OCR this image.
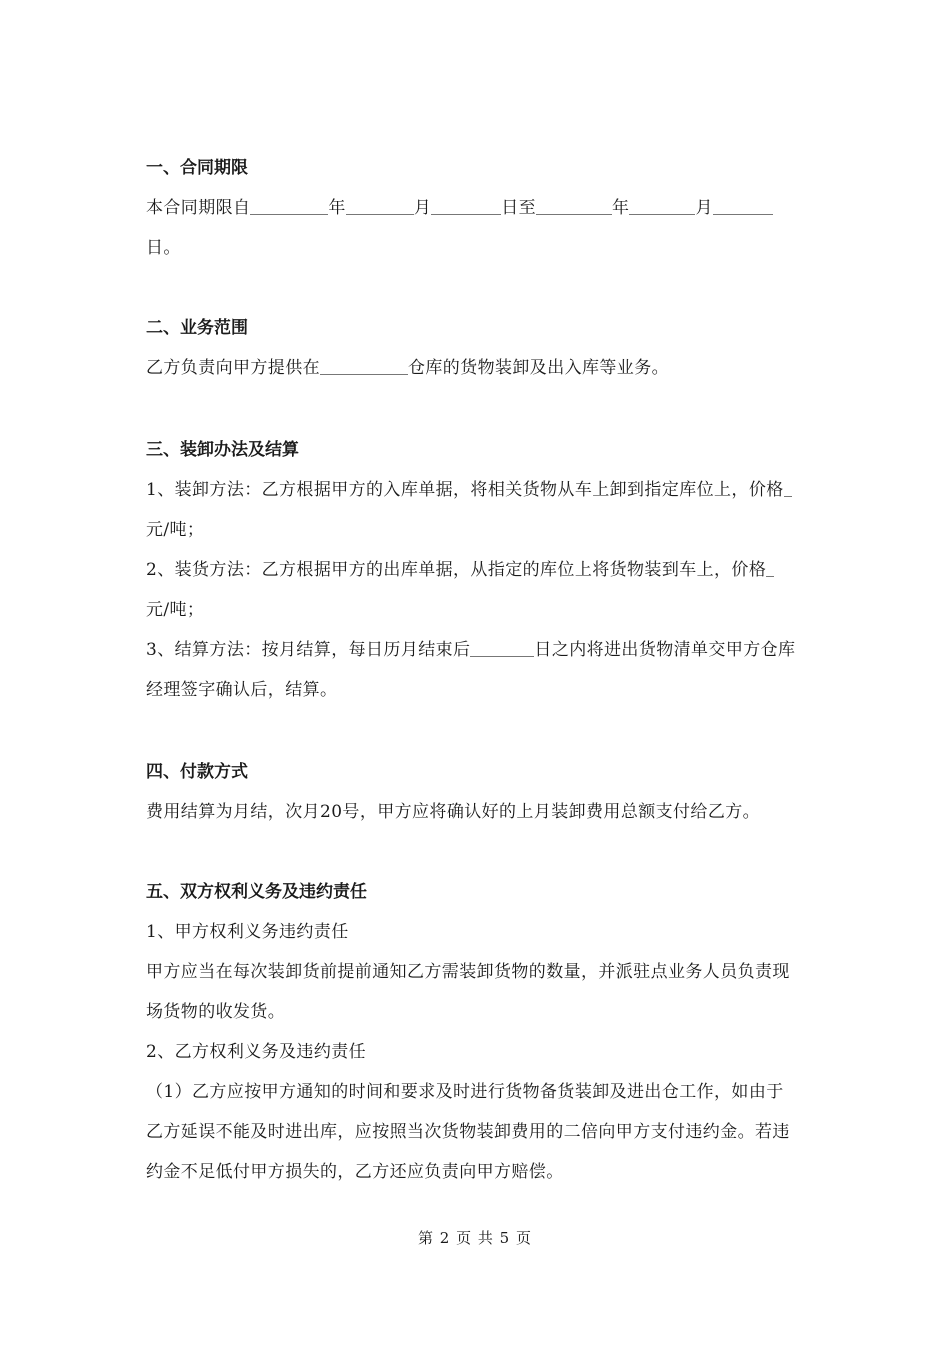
一、合同期限
本合同期限自	年	月	日至	年	月
日。
二、业务范围
乙方负责向甲方提供在	仓库的货物装卸及出入库等业务。
三、装卸办法及结算
1、装卸方法：乙方根据甲方的入库单据，将相关货物从车上卸到指定库位上，价格
元/吨；
2、装货方法：乙方根据甲方的出库单据，从指定的库位上将货物装到车上，价格
元/吨；
3、结算方法：按月结算，每日历月结束后	日之内将进出货物清单交甲方仓库
经理签字确认后，结算。
四、付款方式
费用结算为月结，次月20号，甲方应将确认好的上月装卸费用总额支付给乙方。
五、双方权利义务及违约责任
1、甲方权利义务违约责任
甲方应当在每次装卸货前提前通知乙方需装卸货物的数量，并派驻点业务人员负责现
场货物的收发货。
2、乙方权利义务及违约责任
（1）乙方应按甲方通知的时间和要求及时进行货物备货装卸及进出仓工作，如由于
乙方延误不能及时进出库，应按照当次货物装卸费用的二倍向甲方支付违约金。若违
约金不足低付甲方损失的，乙方还应负责向甲方赔偿。
第 2 页 共 5 页
